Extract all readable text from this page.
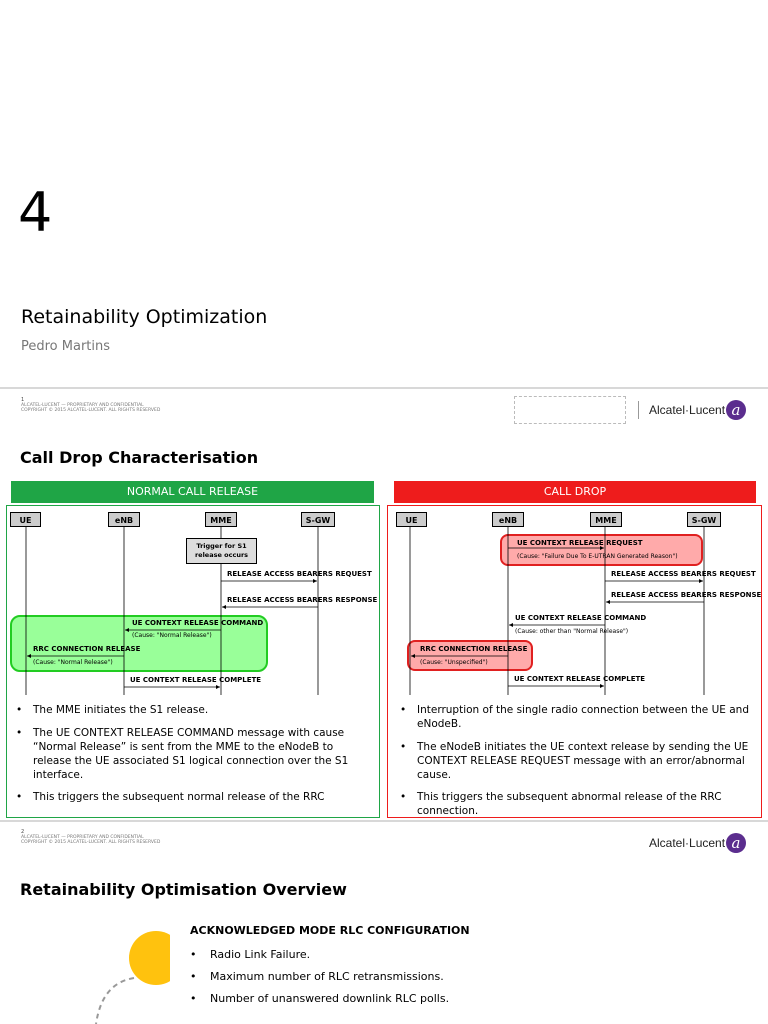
4
Retainability Optimization
Pedro Martins
1
ALCATEL-LUCENT — PROPRIETARY AND CONFIDENTIAL
COPYRIGHT © 2015 ALCATEL-LUCENT. ALL RIGHTS RESERVED	Alcatel·Lucent a
Call Drop Characterisation
NORMAL CALL RELEASE
UE	eNB	MME	S-GW
Trigger for S1 release occurs
RELEASE ACCESS BEARERS REQUEST
RELEASE ACCESS BEARERS RESPONSE
UE CONTEXT RELEASE COMMAND
(Cause: "Normal Release")
RRC CONNECTION RELEASE
(Cause: "Normal Release")
UE CONTEXT RELEASE COMPLETE
•	The MME initiates the S1 release.
•	The UE CONTEXT RELEASE COMMAND message with cause “Normal Release” is sent from the MME to the eNodeB to release the UE associated S1 logical connection over the S1 interface.
•	This triggers the subsequent normal release of the RRC
CALL DROP
UE	eNB	MME	S-GW
UE CONTEXT RELEASE REQUEST
(Cause: "Failure Due To E-UTRAN Generated Reason")
RELEASE ACCESS BEARERS REQUEST
RELEASE ACCESS BEARERS RESPONSE
UE CONTEXT RELEASE COMMAND
(Cause: other than "Normal Release")
RRC CONNECTION RELEASE
(Cause: "Unspecified")
UE CONTEXT RELEASE COMPLETE
•	Interruption of the single radio connection between the UE and eNodeB.
•	The eNodeB initiates the UE context release by sending the UE CONTEXT RELEASE REQUEST message with an error/abnormal cause.
•	This triggers the subsequent abnormal release of the RRC connection.
2
ALCATEL-LUCENT — PROPRIETARY AND CONFIDENTIAL
COPYRIGHT © 2015 ALCATEL-LUCENT. ALL RIGHTS RESERVED	Alcatel·Lucent a
Retainability Optimisation Overview
ACKNOWLEDGED MODE RLC CONFIGURATION
•	Radio Link Failure.
•	Maximum number of RLC retransmissions.
•	Number of unanswered downlink RLC polls.
